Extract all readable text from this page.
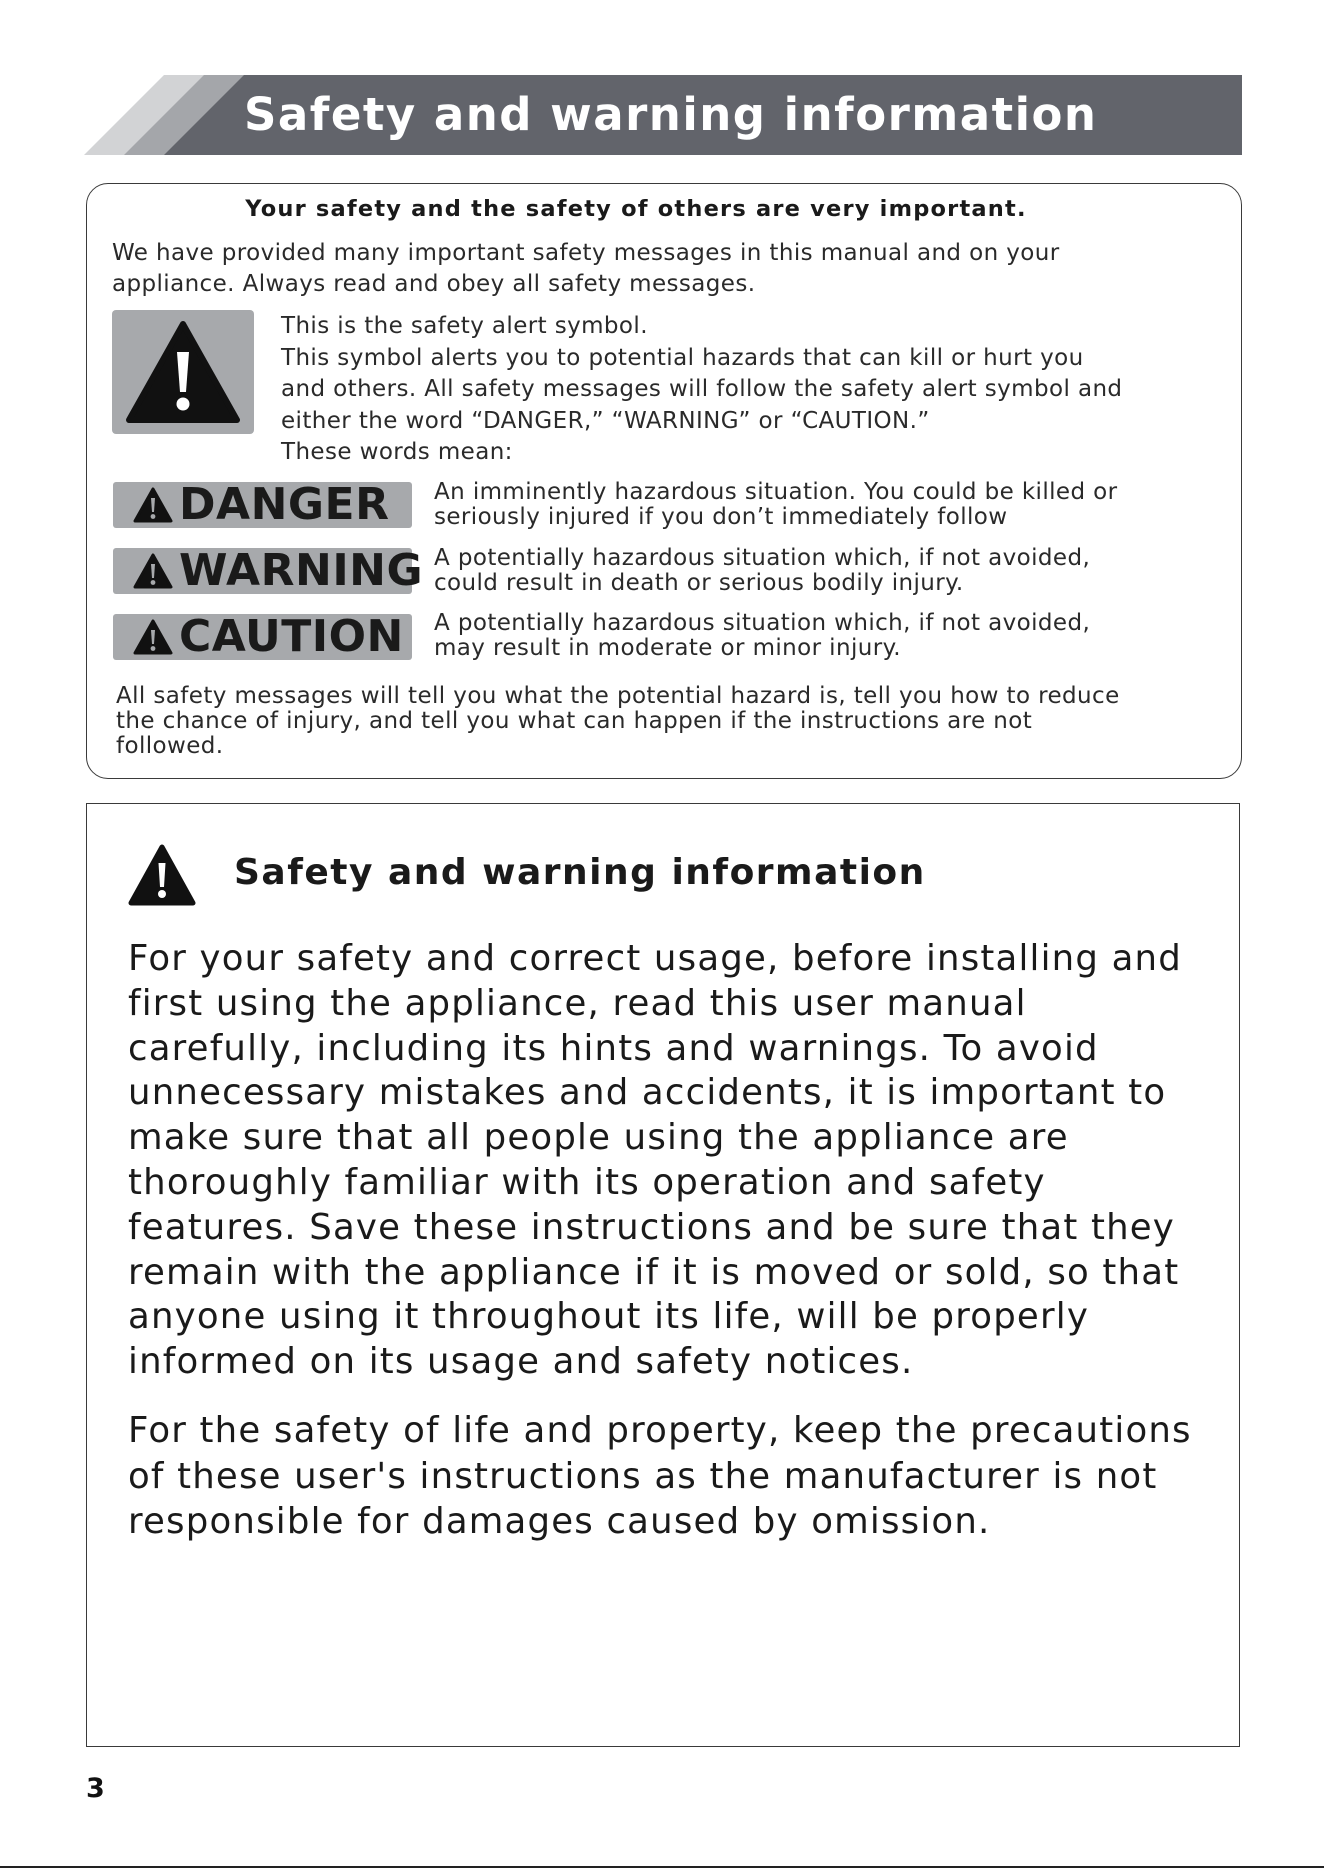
Safety and warning information
Your safety and the safety of others are very important.
We have provided many important safety messages in this manual and on your
appliance. Always read and obey all safety messages.
This is the safety alert symbol.
This symbol alerts you to potential hazards that can kill or hurt you
and others. All safety messages will follow the safety alert symbol and
either the word “DANGER,” “WARNING” or “CAUTION.”
These words mean:
DANGER An imminently hazardous situation. You could be killed or
seriously injured if you don’t immediately follow
WARNING A potentially hazardous situation which, if not avoided,
could result in death or serious bodily injury.
CAUTION A potentially hazardous situation which, if not avoided,
may result in moderate or minor injury.
All safety messages will tell you what the potential hazard is, tell you how to reduce
the chance of injury, and tell you what can happen if the instructions are not
followed.
Safety and warning information
For your safety and correct usage, before installing and
first using the appliance, read this user manual
carefully, including its hints and warnings. To avoid
unnecessary mistakes and accidents, it is important to
make sure that all people using the appliance are
thoroughly familiar with its operation and safety
features. Save these instructions and be sure that they
remain with the appliance if it is moved or sold, so that
anyone using it throughout its life, will be properly
informed on its usage and safety notices.
For the safety of life and property, keep the precautions
of these user's instructions as the manufacturer is not
responsible for damages caused by omission.
3
